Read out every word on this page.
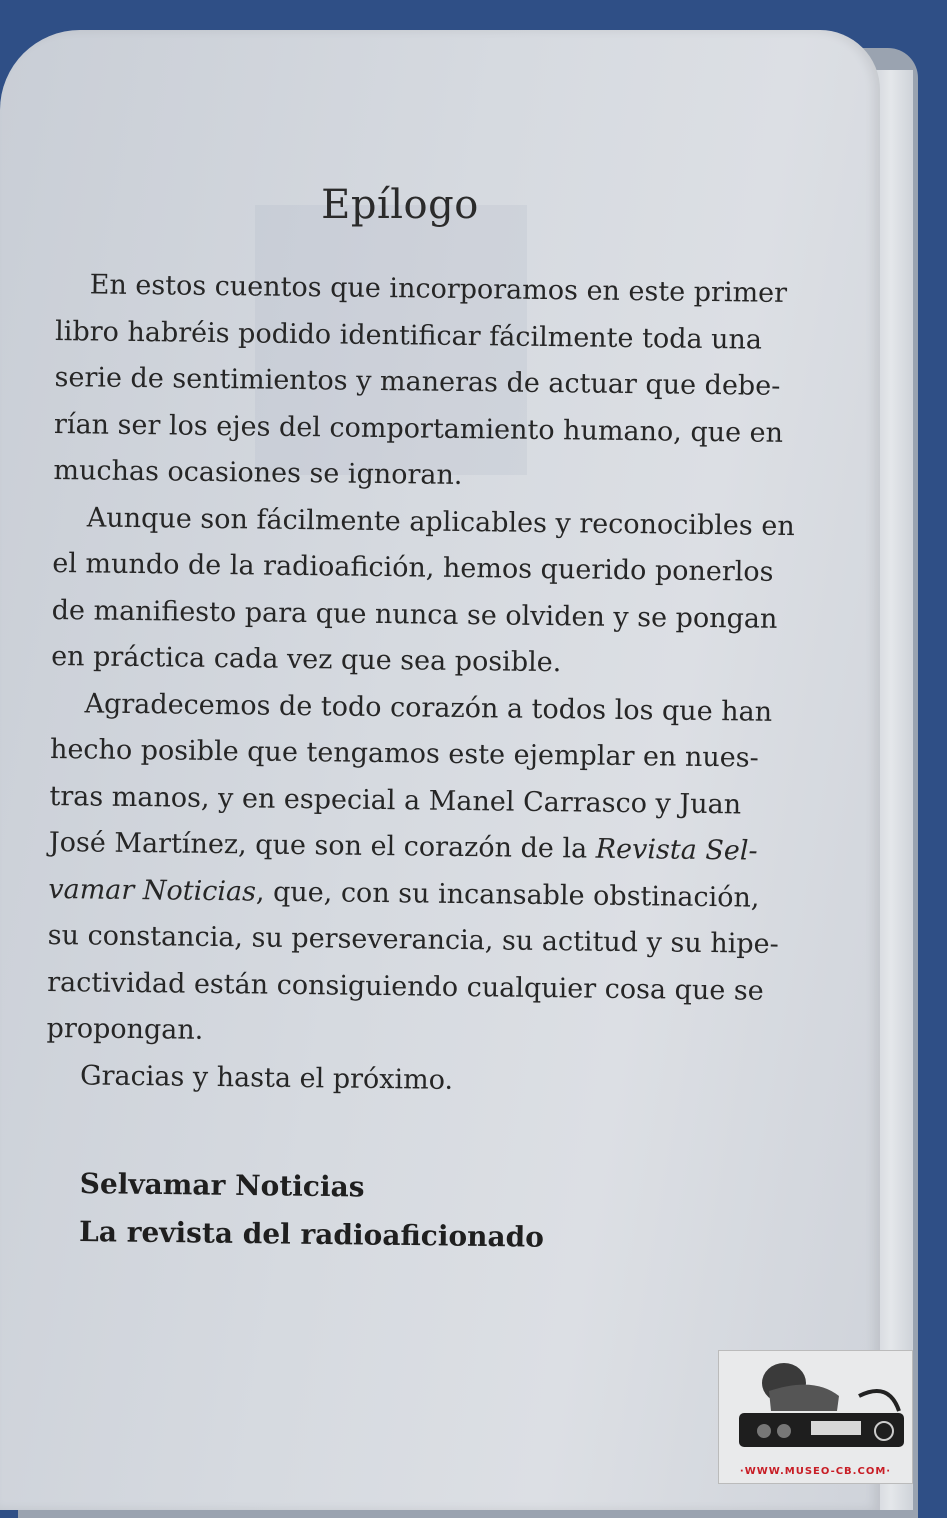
Epílogo
En estos cuentos que incorporamos en este primer
libro habréis podido identificar fácilmente toda una
serie de sentimientos y maneras de actuar que debe-
rían ser los ejes del comportamiento humano, que en
muchas ocasiones se ignoran.
Aunque son fácilmente aplicables y reconocibles en
el mundo de la radioafición, hemos querido ponerlos
de manifiesto para que nunca se olviden y se pongan
en práctica cada vez que sea posible.
Agradecemos de todo corazón a todos los que han
hecho posible que tengamos este ejemplar en nues-
tras manos, y en especial a Manel Carrasco y Juan
José Martínez, que son el corazón de la Revista Sel-
vamar Noticias, que, con su incansable obstinación,
su constancia, su perseverancia, su actitud y su hipe-
ractividad están consiguiendo cualquier cosa que se
propongan.
Gracias y hasta el próximo.
Selvamar Noticias
La revista del radioaficionado
·WWW.MUSEO-CB.COM·
